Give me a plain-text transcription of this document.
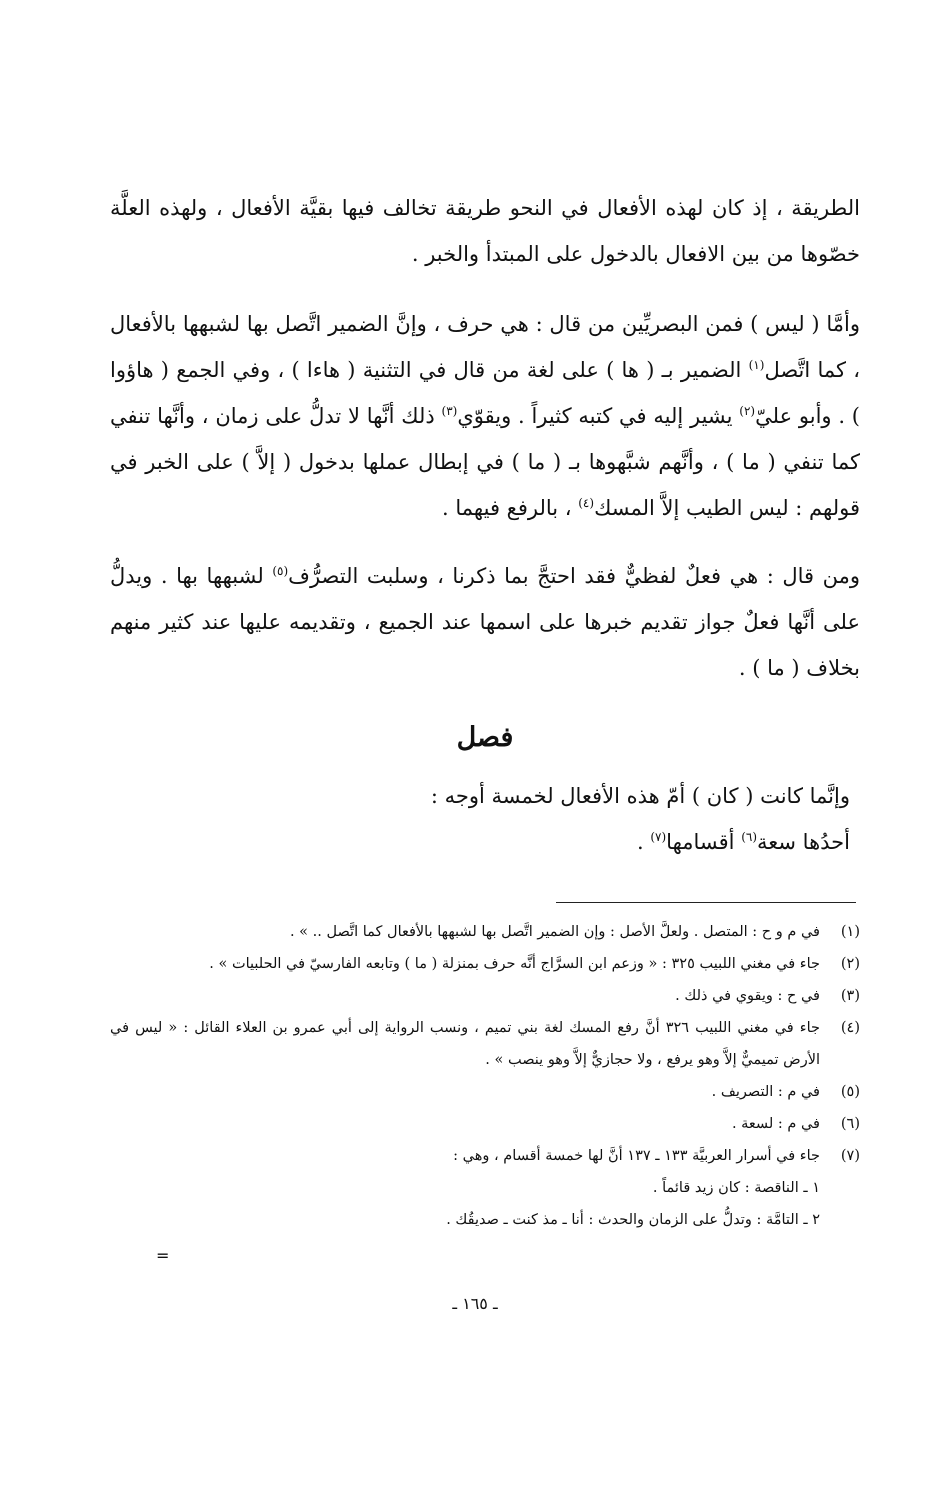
الطريقة ، إذ كان لهذه الأفعال في النحو طريقة تخالف فيها بقيَّة الأفعال ، ولهذه العلَّة خصّوها من بين الافعال بالدخول على المبتدأ والخبر .

وأمَّا ( ليس ) فمن البصريِّين من قال : هي حرف ، وإنَّ الضمير اتَّصل بها لشبهها بالأفعال ، كما اتَّصل$^{(١)}$ الضمير بـ ( ها ) على لغة من قال في التثنية ( هاءا ) ، وفي الجمع ( هاؤوا ) . وأبو عليّ$^{(٢)}$ يشير إليه في كتبه كثيراً . ويقوّي$^{(٣)}$ ذلك أنَّها لا تدلُّ على زمان ، وأنَّها تنفي كما تنفي ( ما ) ، وأنَّهم شبَّهوها بـ ( ما ) في إبطال عملها بدخول ( إلاَّ ) على الخبر في قولهم : ليس الطيب إلاَّ المسك$^{(٤)}$ ، بالرفع فيهما .

ومن قال : هي فعلٌ لفظيٌّ فقد احتجَّ بما ذكرنا ، وسلبت التصرُّف$^{(٥)}$ لشبهها بها . ويدلُّ على أنَّها فعلٌ جواز تقديم خبرها على اسمها عند الجميع ، وتقديمه عليها عند كثير منهم بخلاف ( ما ) .

فصل

وإنَّما كانت ( كان ) أمّ هذه الأفعال لخمسة أوجه :

أحدُها سعة$^{(٦)}$ أقسامها$^{(٧)}$ .

(١)
في م و ح : المتصل . ولعلَّ الأصل : وإن الضمير اتَّصل بها لشبهها بالأفعال كما اتَّصل .. » .
(٢)
جاء في مغني اللبيب ٣٢٥ : « وزعم ابن السرَّاج أنَّه حرف بمنزلة ( ما ) وتابعه الفارسيّ في الحلبيات » .
(٣)
في ح : ويقوي في ذلك .
(٤)
جاء في مغني اللبيب ٣٢٦ أنَّ رفع المسك لغة بني تميم ، ونسب الرواية إلى أبي عمرو بن العلاء القائل : « ليس في الأرض تميميٌّ إلاَّ وهو يرفع ، ولا حجازيٌّ إلاَّ وهو ينصب » .
(٥)
في م : التصريف .
(٦)
في م : لسعة .
(٧)
جاء في أسرار العربيَّة ١٣٣ ـ ١٣٧ أنَّ لها خمسة أقسام ، وهي :
١ ـ الناقصة : كان زيد قائماً .
٢ ـ التامَّة : وتدلُّ على الزمان والحدث : أنا ـ مذ كنت ـ صديقُك .
=
ـ ١٦٥ ـ
